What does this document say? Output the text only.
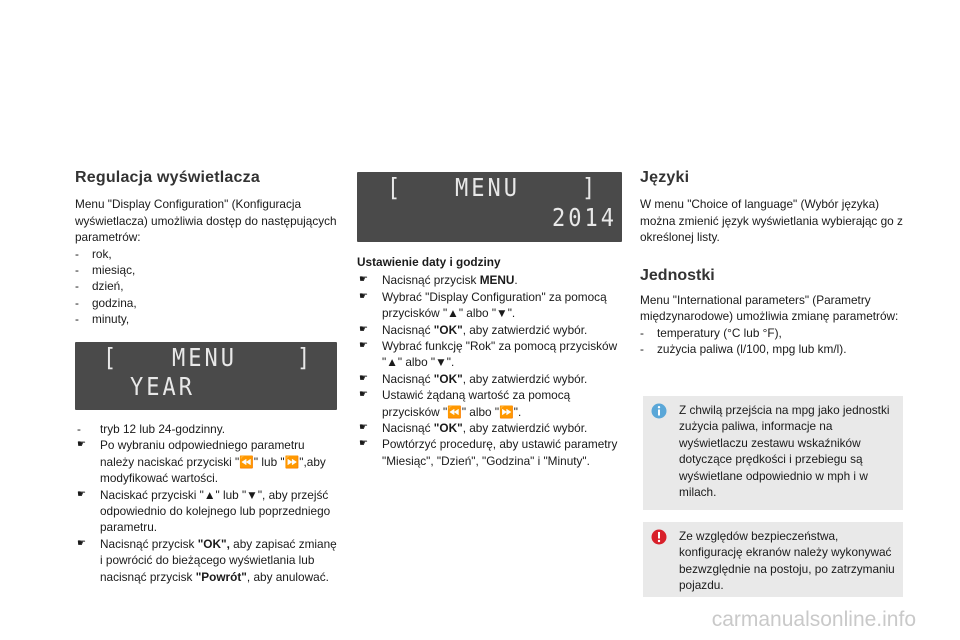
Regulacja wyświetlacza

Menu "Display Configuration" (Konfiguracja wyświetlacza) umożliwia dostęp do następujących parametrów:

- rok,
- miesiąc,
- dzień,
- godzina,
- minuty,
[	MENU	]
YEAR
- tryb 12 lub 24-godzinny.
☛ Po wybraniu odpowiedniego parametru należy naciskać przyciski "⏪" lub "⏩",aby modyfikować wartości.
☛ Naciskać przyciski "▲" lub "▼", aby przejść odpowiednio do kolejnego lub poprzedniego parametru.
☛ Nacisnąć przycisk "OK", aby zapisać zmianę i powrócić do bieżącego wyświetlania lub nacisnąć przycisk "Powrót", aby anulować.
[ MENU	]
2014
Ustawienie daty i godziny
☛ Nacisnąć przycisk MENU.
☛ Wybrać "Display Configuration" za pomocą przycisków "▲" albo "▼".
☛ Nacisnąć "OK", aby zatwierdzić wybór.
☛ Wybrać funkcję "Rok" za pomocą przycisków "▲" albo "▼".
☛ Nacisnąć "OK", aby zatwierdzić wybór.
☛ Ustawić żądaną wartość za pomocą przycisków "⏪" albo "⏩".
☛ Nacisnąć "OK", aby zatwierdzić wybór.
☛ Powtórzyć procedurę, aby ustawić parametry "Miesiąc", "Dzień", "Godzina" i "Minuty".
Języki

W menu "Choice of language" (Wybór języka) można zmienić język wyświetlania wybierając go z określonej listy.

Jednostki

Menu "International parameters" (Parametry międzynarodowe) umożliwia zmianę parametrów:

- temperatury (°C lub °F),
- zużycia paliwa (l/100, mpg lub km/l).
Z chwilą przejścia na mpg jako jednostki zużycia paliwa, informacje na wyświetlaczu zestawu wskaźników dotyczące prędkości i przebiegu są wyświetlane odpowiednio w mph i w milach.
Ze względów bezpieczeństwa, konfigurację ekranów należy wykonywać bezwzględnie na postoju, po zatrzymaniu pojazdu.
carmanualsonline.info
